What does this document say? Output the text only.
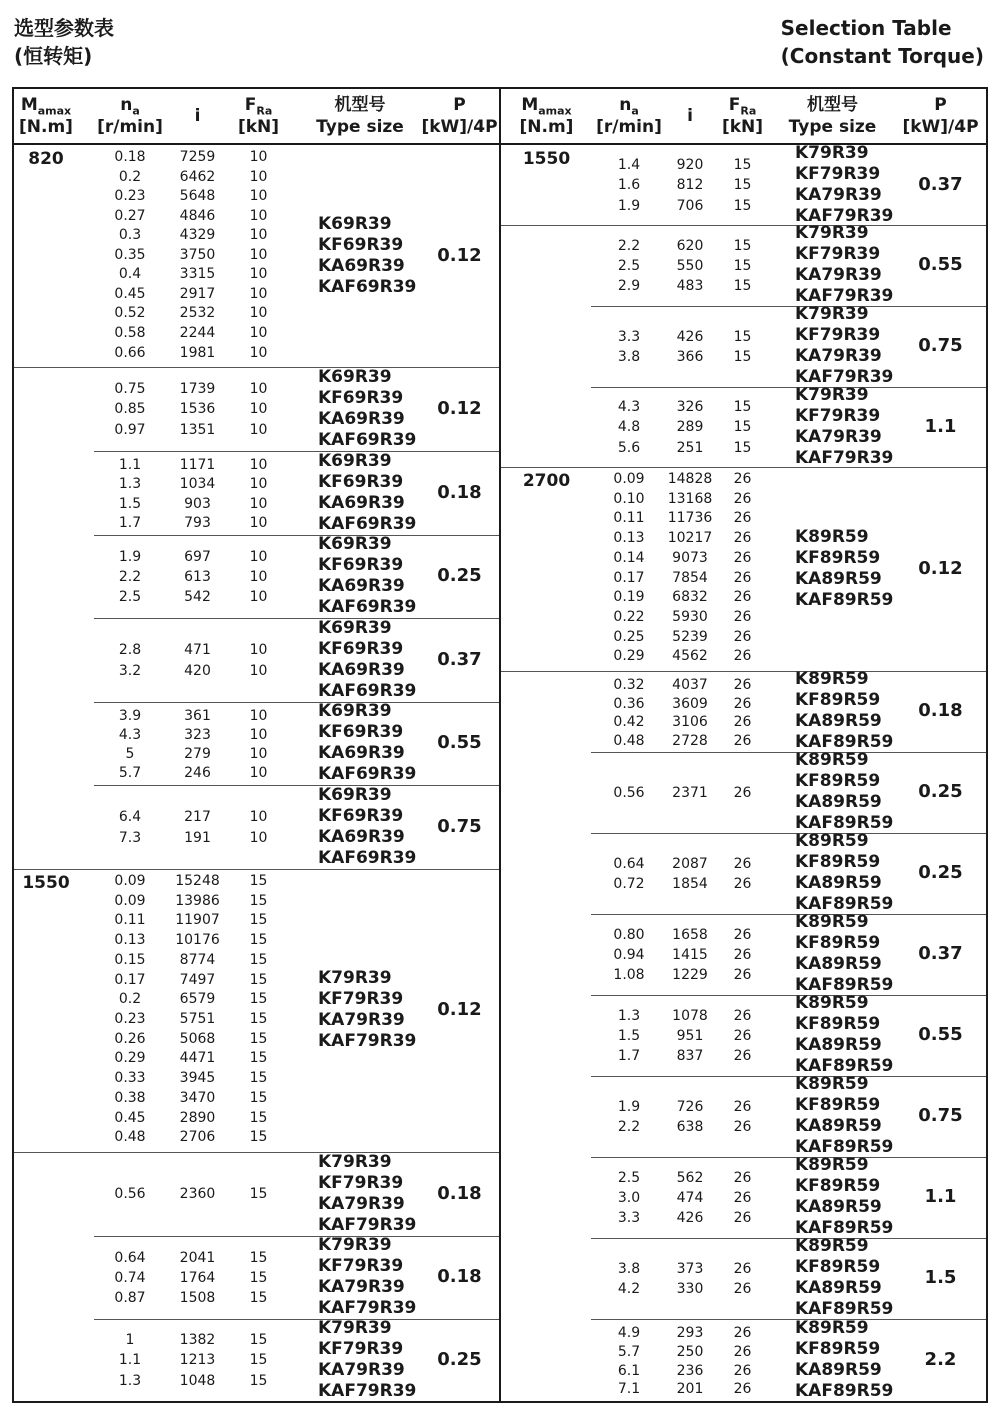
选型参数表
(恒转矩)
Selection Table
(Constant Torque)
$M_{amax}$
[N.m]
$n_a$
[r/min]
i
$F_{Ra}$
[kN]
机型号
Type size
P
[kW]/4P
820	0.18	7259	10
0.2	6462	10
0.23	5648	10
0.27	4846	10
0.3	4329	10
0.35	3750	10
0.4	3315	10
0.45	2917	10
0.52	2532	10
0.58	2244	10
0.66	1981	10
K69R39
KF69R39
KA69R39
KAF69R39
0.12
0.75	1739	10
0.85	1536	10
0.97	1351	10
K69R39
KF69R39
KA69R39
KAF69R39
0.12
1.1	1171	10
1.3	1034	10
1.5	903	10
1.7	793	10
K69R39
KF69R39
KA69R39
KAF69R39
0.18
1.9	697	10
2.2	613	10
2.5	542	10
K69R39
KF69R39
KA69R39
KAF69R39
0.25
2.8	471	10
3.2	420	10
K69R39
KF69R39
KA69R39
KAF69R39
0.37
3.9	361	10
4.3	323	10
5	279	10
5.7	246	10
K69R39
KF69R39
KA69R39
KAF69R39
0.55
6.4	217	10
7.3	191	10
K69R39
KF69R39
KA69R39
KAF69R39
0.75
1550	0.09	15248	15
0.09	13986	15
0.11	11907	15
0.13	10176	15
0.15	8774	15
0.17	7497	15
0.2	6579	15
0.23	5751	15
0.26	5068	15
0.29	4471	15
0.33	3945	15
0.38	3470	15
0.45	2890	15
0.48	2706	15
K79R39
KF79R39
KA79R39
KAF79R39
0.12
0.56	2360	15
K79R39
KF79R39
KA79R39
KAF79R39
0.18
0.64	2041	15
0.74	1764	15
0.87	1508	15
K79R39
KF79R39
KA79R39
KAF79R39
0.18
1	1382	15
1.1	1213	15
1.3	1048	15
K79R39
KF79R39
KA79R39
KAF79R39
0.25
$M_{amax}$
[N.m]
$n_a$
[r/min]
i
$F_{Ra}$
[kN]
机型号
Type size
P
[kW]/4P
1550	1.4	920	15
1.6	812	15
1.9	706	15
K79R39
KF79R39
KA79R39
KAF79R39
0.37
2.2	620	15
2.5	550	15
2.9	483	15
K79R39
KF79R39
KA79R39
KAF79R39
0.55
3.3	426	15
3.8	366	15
K79R39
KF79R39
KA79R39
KAF79R39
0.75
4.3	326	15
4.8	289	15
5.6	251	15
K79R39
KF79R39
KA79R39
KAF79R39
1.1
2700	0.09	14828	26
0.10	13168	26
0.11	11736	26
0.13	10217	26
0.14	9073	26
0.17	7854	26
0.19	6832	26
0.22	5930	26
0.25	5239	26
0.29	4562	26
K89R59
KF89R59
KA89R59
KAF89R59
0.12
0.32	4037	26
0.36	3609	26
0.42	3106	26
0.48	2728	26
K89R59
KF89R59
KA89R59
KAF89R59
0.18
0.56	2371	26
K89R59
KF89R59
KA89R59
KAF89R59
0.25
0.64	2087	26
0.72	1854	26
K89R59
KF89R59
KA89R59
KAF89R59
0.25
0.80	1658	26
0.94	1415	26
1.08	1229	26
K89R59
KF89R59
KA89R59
KAF89R59
0.37
1.3	1078	26
1.5	951	26
1.7	837	26
K89R59
KF89R59
KA89R59
KAF89R59
0.55
1.9	726	26
2.2	638	26
K89R59
KF89R59
KA89R59
KAF89R59
0.75
2.5	562	26
3.0	474	26
3.3	426	26
K89R59
KF89R59
KA89R59
KAF89R59
1.1
3.8	373	26
4.2	330	26
K89R59
KF89R59
KA89R59
KAF89R59
1.5
4.9	293	26
5.7	250	26
6.1	236	26
7.1	201	26
K89R59
KF89R59
KA89R59
KAF89R59
2.2
